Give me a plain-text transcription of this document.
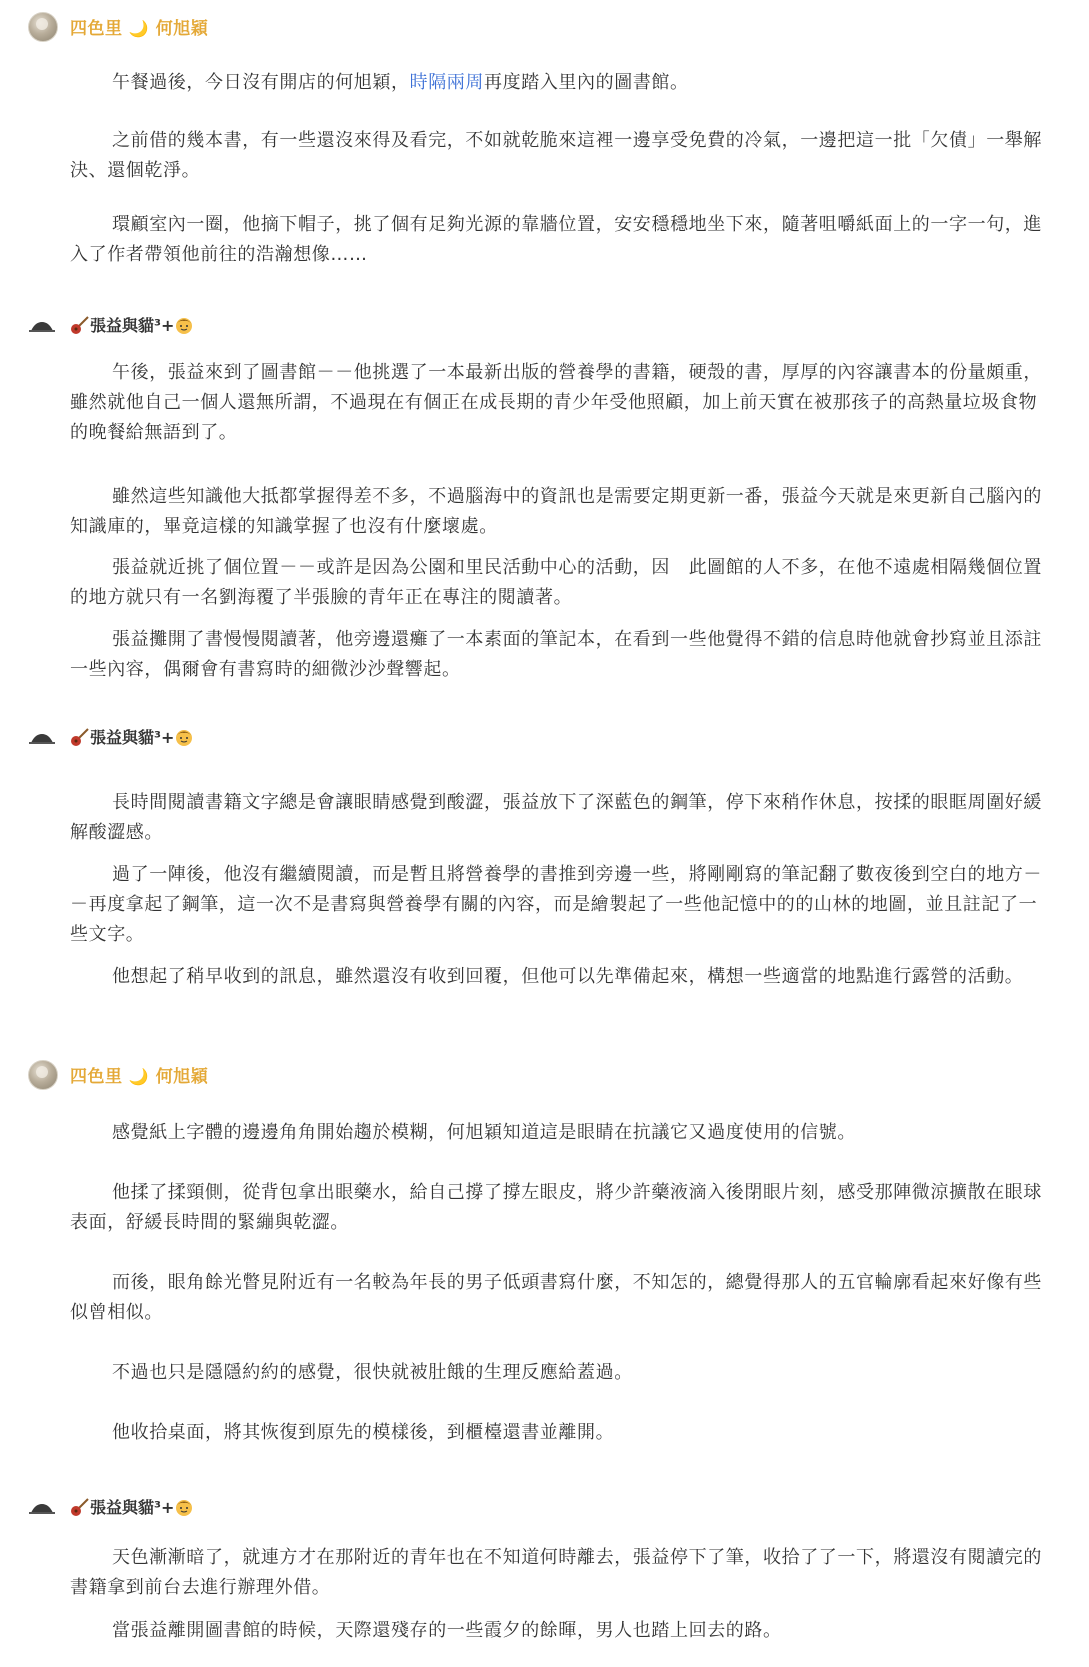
四色里 🌙 何旭穎
午餐過後，今日沒有開店的何旭穎，時隔兩周再度踏入里內的圖書館。
之前借的幾本書，有一些還沒來得及看完，不如就乾脆來這裡一邊享受免費的冷氣，一邊把這一批「欠債」一舉解決、還個乾淨。
環顧室內一圈，他摘下帽子，挑了個有足夠光源的靠牆位置，安安穩穩地坐下來，隨著咀嚼紙面上的一字一句，進入了作者帶領他前往的浩瀚想像……
張益與貓³+
午後，張益來到了圖書館－－他挑選了一本最新出版的營養學的書籍，硬殼的書，厚厚的內容讓書本的份量頗重，雖然就他自己一個人還無所謂，不過現在有個正在成長期的青少年受他照顧，加上前天實在被那孩子的高熱量垃圾食物的晚餐給無語到了。
雖然這些知識他大抵都掌握得差不多，不過腦海中的資訊也是需要定期更新一番，張益今天就是來更新自己腦內的知識庫的，畢竟這樣的知識掌握了也沒有什麼壞處。
張益就近挑了個位置－－或許是因為公園和里民活動中心的活動，因　此圖館的人不多，在他不遠處相隔幾個位置的地方就只有一名劉海覆了半張臉的青年正在專注的閱讀著。
張益攤開了書慢慢閱讀著，他旁邊還癱了一本素面的筆記本，在看到一些他覺得不錯的信息時他就會抄寫並且添註一些內容，偶爾會有書寫時的細微沙沙聲響起。
張益與貓³+
長時間閱讀書籍文字總是會讓眼睛感覺到酸澀，張益放下了深藍色的鋼筆，停下來稍作休息，按揉的眼眶周圍好緩解酸澀感。
過了一陣後，他沒有繼續閱讀，而是暫且將營養學的書推到旁邊一些，將剛剛寫的筆記翻了數夜後到空白的地方－－再度拿起了鋼筆，這一次不是書寫與營養學有關的內容，而是繪製起了一些他記憶中的的山林的地圖，並且註記了一些文字。
他想起了稍早收到的訊息，雖然還沒有收到回覆，但他可以先準備起來，構想一些適當的地點進行露營的活動。
四色里 🌙 何旭穎
感覺紙上字體的邊邊角角開始趨於模糊，何旭穎知道這是眼睛在抗議它又過度使用的信號。
他揉了揉頸側，從背包拿出眼藥水，給自己撐了撐左眼皮，將少許藥液滴入後閉眼片刻，感受那陣微涼擴散在眼球表面，舒緩長時間的緊繃與乾澀。
而後，眼角餘光瞥見附近有一名較為年長的男子低頭書寫什麼，不知怎的，總覺得那人的五官輪廓看起來好像有些似曾相似。
不過也只是隱隱約約的感覺，很快就被肚餓的生理反應給蓋過。
他收拾桌面，將其恢復到原先的模樣後，到櫃檯還書並離開。
張益與貓³+
天色漸漸暗了，就連方才在那附近的青年也在不知道何時離去，張益停下了筆，收拾了了一下，將還沒有閱讀完的書籍拿到前台去進行辦理外借。
當張益離開圖書館的時候，天際還殘存的一些霞夕的餘暉，男人也踏上回去的路。
